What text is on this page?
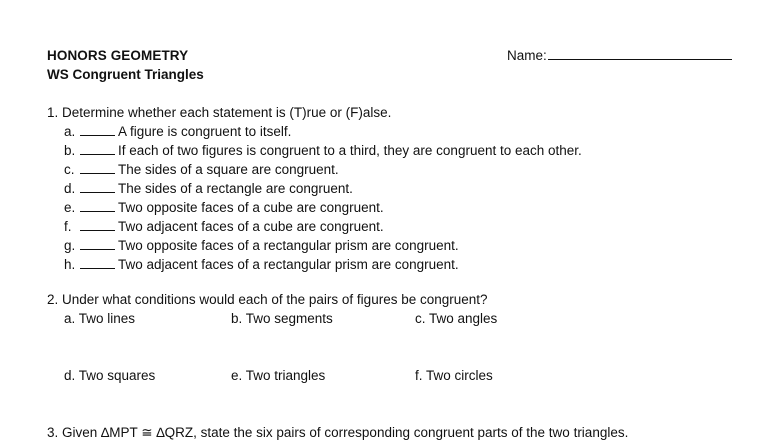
HONORS GEOMETRY
WS Congruent Triangles
Name:
1. Determine whether each statement is (T)rue or (F)alse.
a.	A figure is congruent to itself.
b.	If each of two figures is congruent to a third, they are congruent to each other.
c.	The sides of a square are congruent.
d.	The sides of a rectangle are congruent.
e.	Two opposite faces of a cube are congruent.
f.	Two adjacent faces of a cube are congruent.
g.	Two opposite faces of a rectangular prism are congruent.
h.	Two adjacent faces of a rectangular prism are congruent.
2. Under what conditions would each of the pairs of figures be congruent?
a. Two lines	b. Two segments	c. Two angles
d. Two squares	e. Two triangles	f. Two circles
3. Given ∆MPT ≅ ∆QRZ, state the six pairs of corresponding congruent parts of the two triangles.
